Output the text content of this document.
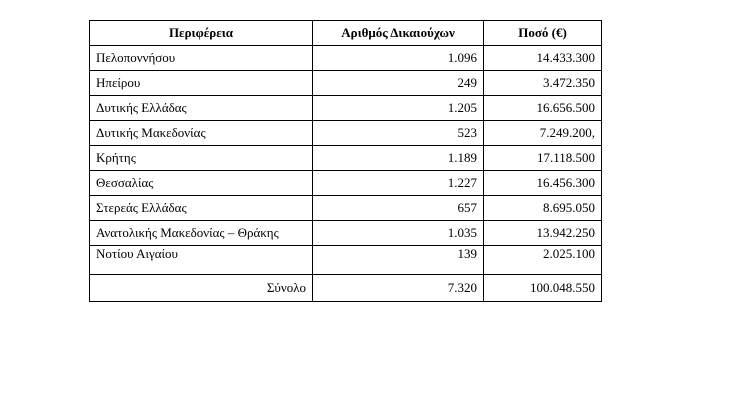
Περιφέρεια	Αριθμός Δικαιούχων	Ποσό (€)
Πελοποννήσου	1.096	14.433.300
Ηπείρου	249	3.472.350
Δυτικής Ελλάδας	1.205	16.656.500
Δυτικής Μακεδονίας	523	7.249.200,
Κρήτης	1.189	17.118.500
Θεσσαλίας	1.227	16.456.300
Στερεάς Ελλάδας	657	8.695.050
Ανατολικής Μακεδονίας – Θράκης	1.035	13.942.250
Νοτίου Αιγαίου	139	2.025.100
Σύνολο	7.320	100.048.550
